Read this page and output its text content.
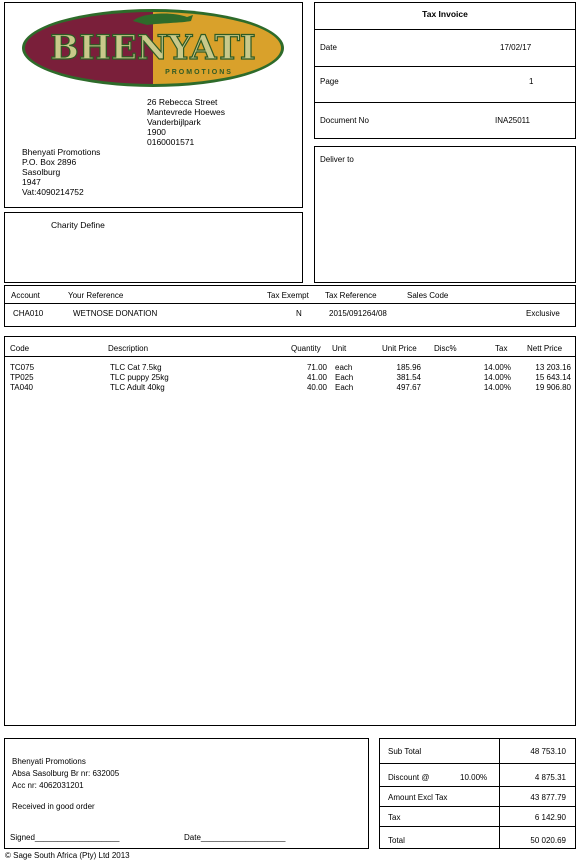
BHENYATI
PROMOTIONS
26 Rebecca Street
Mantevrede Hoewes
Vanderbijlpark
1900
0160001571
Bhenyati Promotions
P.O. Box 2896
Sasolburg
1947
Vat:4090214752
Charity Define
Tax Invoice
Date	17/02/17
Page	1
Document No	INA25011
Deliver to
Account	Your Reference	Tax Exempt Tax Reference	Sales Code
CHA010	WETNOSE DONATION	N	2015/091264/08	Exclusive
Code	Description	Quantity Unit	Unit Price Disc%	Tax Nett Price
TC075	TLC Cat 7.5kg	71.00 each	185.96	14.00%	13 203.16
TP025	TLC puppy 25kg	41.00 Each	381.54	14.00%	15 643.14
TA040	TLC Adult 40kg	40.00 Each	497.67	14.00%	19 906.80
Bhenyati Promotions
Absa Sasolburg Br nr: 632005
Acc nr: 4062031201
Received in good order
Signed___________________	Date___________________
Sub Total	48 753.10
Discount @	10.00%	4 875.31
Amount Excl Tax	43 877.79
Tax	6 142.90
Total	50 020.69
© Sage South Africa (Pty) Ltd 2013
